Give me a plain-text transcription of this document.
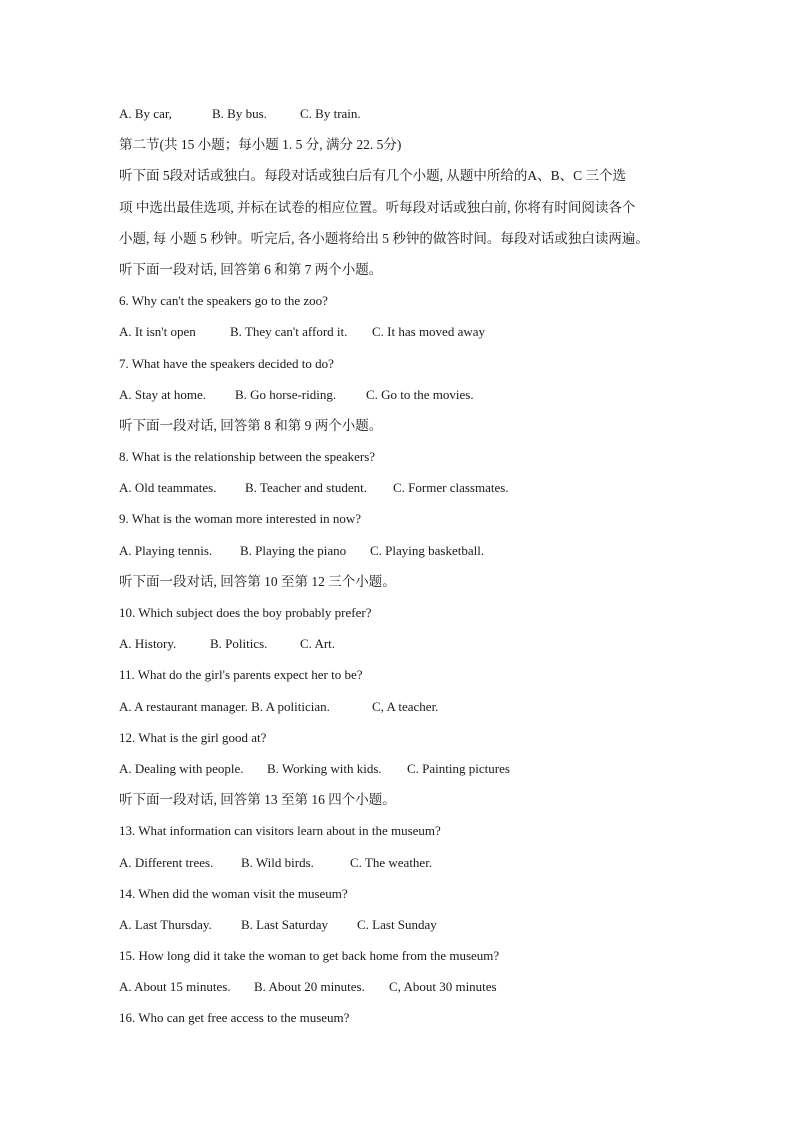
A. By car,	B. By bus.	C. By train.
第二节(共 15 小题；每小题 1. 5 分, 满分 22. 5分)
听下面 5段对话或独白。每段对话或独白后有几个小题, 从题中所给的A、B、C 三个选
项 中选出最佳选项, 并标在试卷的相应位置。听每段对话或独白前, 你将有时间阅读各个
小题, 每 小题 5 秒钟。听完后, 各小题将给出 5 秒钟的做答时间。每段对话或独白读两遍。
听下面一段对话, 回答第 6 和第 7 两个小题。
6. Why can't the speakers go to the zoo?
A. It isn't open	B. They can't afford it. C. It has moved away
7. What have the speakers decided to do?
A. Stay at home. B. Go horse-riding. C. Go to the movies.
听下面一段对话, 回答第 8 和第 9 两个小题。
8. What is the relationship between the speakers?
A. Old teammates. B. Teacher and student. C. Former classmates.
9. What is the woman more interested in now?
A. Playing tennis. B. Playing the piano C. Playing basketball.
听下面一段对话, 回答第 10 至第 12 三个小题。
10. Which subject does the boy probably prefer?
A. History.	B. Politics.	C. Art.
11. What do the girl's parents expect her to be?
A. A restaurant manager. B. A politician.	C, A teacher.
12. What is the girl good at?
A. Dealing with people. B. Working with kids. C. Painting pictures
听下面一段对话, 回答第 13 至第 16 四个小题。
13. What information can visitors learn about in the museum?
A. Different trees. B. Wild birds.	C. The weather.
14. When did the woman visit the museum?
A. Last Thursday. B. Last Saturday C. Last Sunday
15. How long did it take the woman to get back home from the museum?
A. About 15 minutes. B. About 20 minutes. C, About 30 minutes
16. Who can get free access to the museum?
